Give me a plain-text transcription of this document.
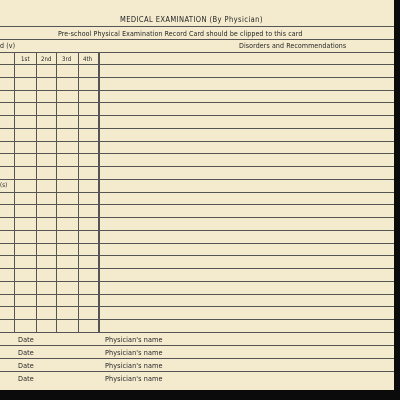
MEDICAL EXAMINATION (By Physician)
Pre-school Physical Examination Record Card should be clipped to this card
d (v)	Disorders and Recommendations
1st 2nd 3rd 4th
(s)
Date	Physician's name
Date	Physician's name
Date	Physician's name
Date	Physician's name
